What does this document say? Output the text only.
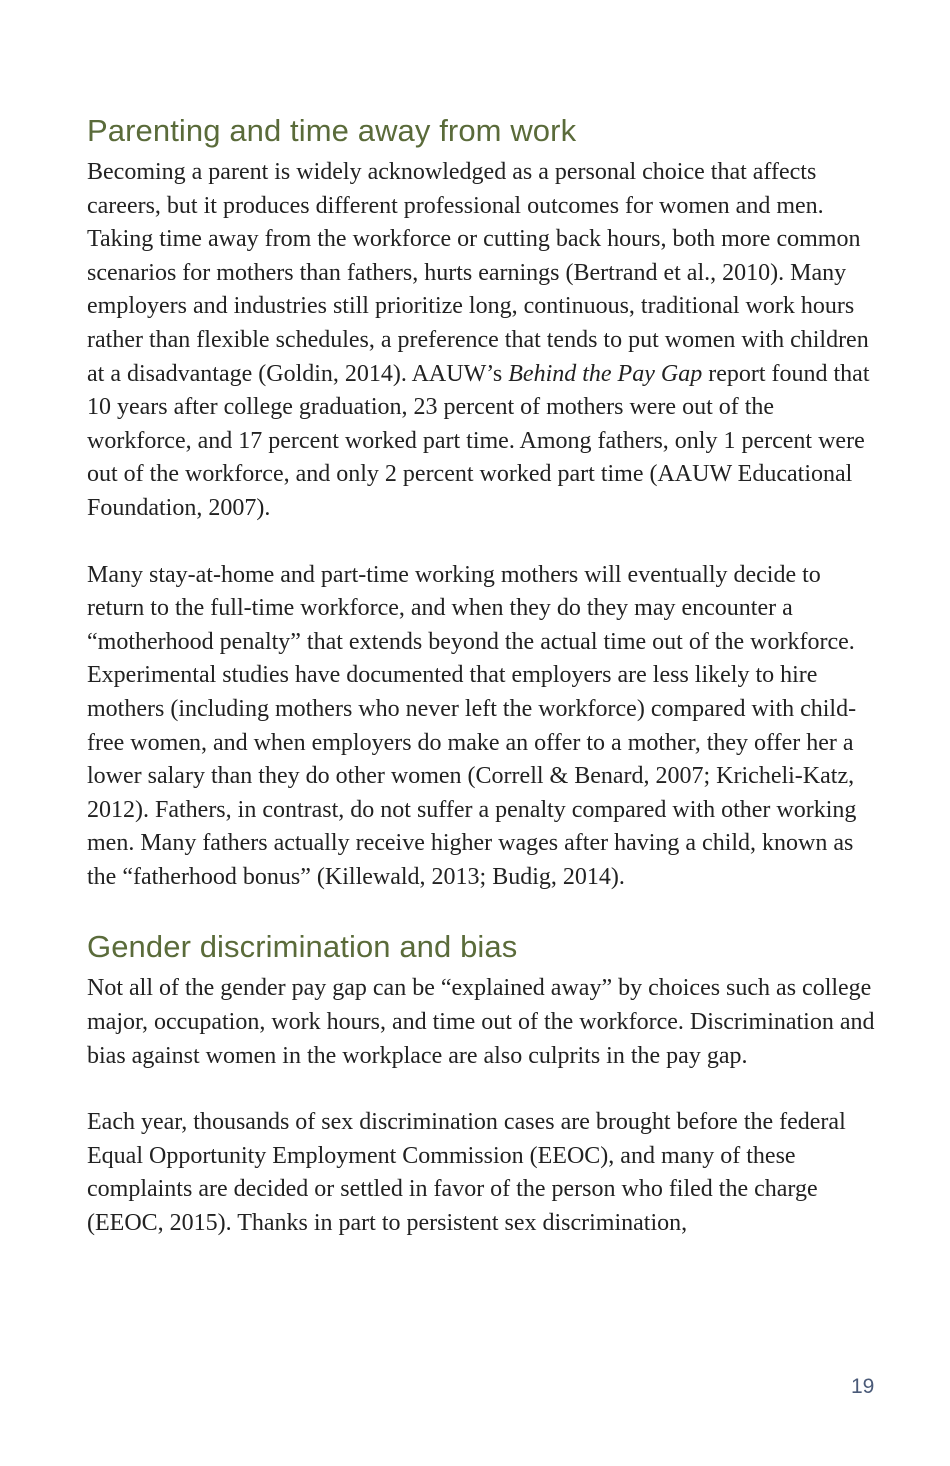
Parenting and time away from work

Becoming a parent is widely acknowledged as a personal choice that affects careers, but it produces different professional outcomes for women and men. Taking time away from the workforce or cutting back hours, both more common scenarios for mothers than fathers, hurts earnings (Bertrand et al., 2010). Many employers and industries still prioritize long, continuous, traditional work hours rather than flexible schedules, a preference that tends to put women with children at a disadvantage (Goldin, 2014). AAUW’s Behind the Pay Gap report found that 10 years after college graduation, 23 percent of mothers were out of the workforce, and 17 percent worked part time. Among fathers, only 1 percent were out of the workforce, and only 2 percent worked part time (AAUW Educational Foundation, 2007).

Many stay-at-home and part-time working mothers will eventually decide to return to the full-time workforce, and when they do they may encounter a “motherhood penalty” that extends beyond the actual time out of the workforce. Experimental studies have documented that employers are less likely to hire mothers (including mothers who never left the workforce) compared with child-free women, and when employers do make an offer to a mother, they offer her a lower salary than they do other women (Correll & Benard, 2007; Kricheli-Katz, 2012). Fathers, in contrast, do not suffer a penalty compared with other working men. Many fathers actually receive higher wages after having a child, known as the “fatherhood bonus” (Killewald, 2013; Budig, 2014).

Gender discrimination and bias

Not all of the gender pay gap can be “explained away” by choices such as college major, occupation, work hours, and time out of the workforce. Discrimination and bias against women in the workplace are also culprits in the pay gap.

Each year, thousands of sex discrimination cases are brought before the federal Equal Opportunity Employment Commission (EEOC), and many of these complaints are decided or settled in favor of the person who filed the charge (EEOC, 2015). Thanks in part to persistent sex discrimination,

19
